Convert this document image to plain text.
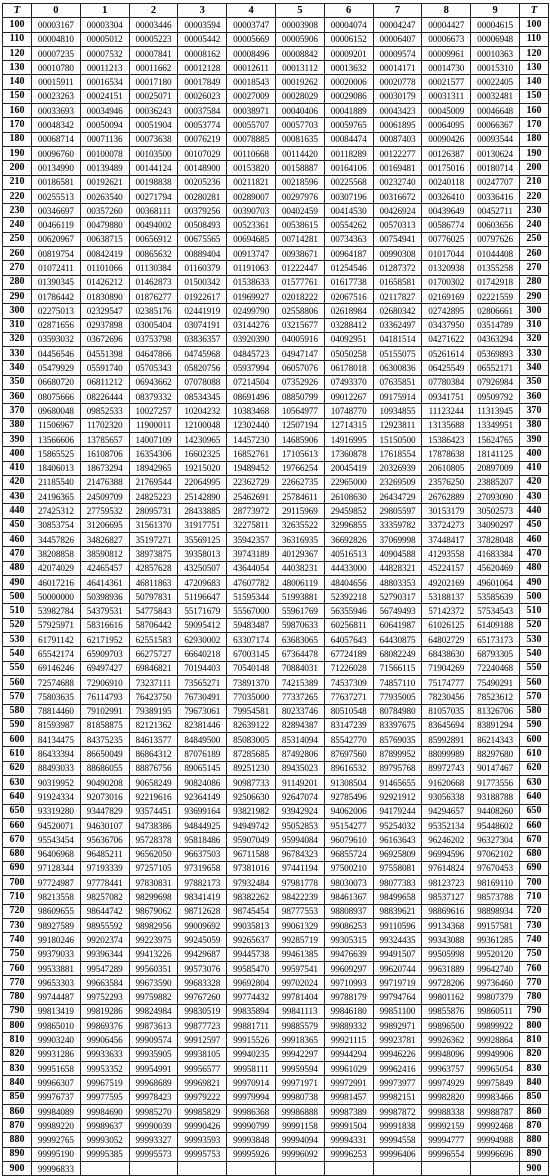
T	0	1	2	3	4	5	6	7	8	9	T
100	00003167	00003304	00003446	00003594	00003747	00003908	00004074	00004247	00004427	00004615	100
110	00004810	00005012	00005223	00005442	00005669	00005906	00006152	00006407	00006673	00006948	110
120	00007235	00007532	00007841	00008162	00008496	00008842	00009201	00009574	00009961	00010363	120
130	00010780	00011213	00011662	00012128	00012611	00013112	00013632	00014171	00014730	00015310	130
140	00015911	00016534	00017180	00017849	00018543	00019262	00020006	00020778	00021577	00022405	140
150	00023263	00024151	00025071	00026023	00027009	00028029	00029086	00030179	00031311	00032481	150
160	00033693	00034946	00036243	00037584	00038971	00040406	00041889	00043423	00045009	00046648	160
170	00048342	00050094	00051904	00053774	00055707	00057703	00059765	00061895	00064095	00066367	170
180	00068714	00071136	00073638	00076219	00078885	00081635	00084474	00087403	00090426	00093544	180
190	00096760	00100078	00103500	00107029	00110668	00114420	00118289	00122277	00126387	00130624	190
200	00134990	00139489	00144124	00148900	00153820	00158887	00164106	00169481	00175016	00180714	200
210	00186581	00192621	00198838	00205236	00211821	00218596	00225568	00232740	00240118	00247707	210
220	00255513	00263540	00271794	00280281	00289007	00297976	00307196	00316672	00326410	00336416	220
230	00346697	00357260	00368111	00379256	00390703	00402459	00414530	00426924	00439649	00452711	230
240	00466119	00479880	00494002	00508493	00523361	00538615	00554262	00570313	00586774	00603656	240
250	00620967	00638715	00656912	00675565	00694685	00714281	00734363	00754941	00776025	00797626	250
260	00819754	00842419	00865632	00889404	00913747	00938671	00964187	00990308	01017044	01044408	260
270	01072411	01101066	01130384	01160379	01191063	01222447	01254546	01287372	01320938	01355258	270
280	01390345	01426212	01462873	01500342	01538633	01577761	01617738	01658581	01700302	01742918	280
290	01786442	01830890	01876277	01922617	01969927	02018222	02067516	02117827	02169169	02221559	290
300	02275013	02329547	02385176	02441919	02499790	02558806	02618984	02680342	02742895	02806661	300
310	02871656	02937898	03005404	03074191	03144276	03215677	03288412	03362497	03437950	03514789	310
320	03593032	03672696	03753798	03836357	03920390	04005916	04092951	04181514	04271622	04363294	320
330	04456546	04551398	04647866	04745968	04845723	04947147	05050258	05155075	05261614	05369893	330
340	05479929	05591740	05705343	05820756	05937994	06057076	06178018	06300836	06425549	06552171	340
350	06680720	06811212	06943662	07078088	07214504	07352926	07493370	07635851	07780384	07926984	350
360	08075666	08226444	08379332	08534345	08691496	08850799	09012267	09175914	09341751	09509792	360
370	09680048	09852533	10027257	10204232	10383468	10564977	10748770	10934855	11123244	11313945	370
380	11506967	11702320	11900011	12100048	12302440	12507194	12714315	12923811	13135688	13349951	380
390	13566606	13785657	14007109	14230965	14457230	14685906	14916995	15150500	15386423	15624765	390
400	15865525	16108706	16354306	16602325	16852761	17105613	17360878	17618554	17878638	18141125	400
410	18406013	18673294	18942965	19215020	19489452	19766254	20045419	20326939	20610805	20897009	410
420	21185540	21476388	21769544	22064995	22362729	22662735	22965000	23269509	23576250	23885207	420
430	24196365	24509709	24825223	25142890	25462691	25784611	26108630	26434729	26762889	27093090	430
440	27425312	27759532	28095731	28433885	28773972	29115969	29459852	29805597	30153179	30502573	440
450	30853754	31206695	31561370	31917751	32275811	32635522	32996855	33359782	33724273	34090297	450
460	34457826	34826827	35197271	35569125	35942357	36316935	36692826	37069998	37448417	37828048	460
470	38208858	38590812	38973875	39358013	39743189	40129367	40516513	40904588	41293558	41683384	470
480	42074029	42465457	42857628	43250507	43644054	44038231	44433000	44828321	45224157	45620469	480
490	46017216	46414361	46811863	47209683	47607782	48006119	48404656	48803353	49202169	49601064	490
500	50000000	50398936	50797831	51196647	51595344	51993881	52392218	52790317	53188137	53585639	500
510	53982784	54379531	54775843	55171679	55567000	55961769	56355946	56749493	57142372	57534543	510
520	57925971	58316616	58706442	59095412	59483487	59870633	60256811	60641987	61026125	61409188	520
530	61791142	62171952	62551583	62930002	63307174	63683065	64057643	64430875	64802729	65173173	530
540	65542174	65909703	66275727	66640218	67003145	67364478	67724189	68082249	68438630	68793305	540
550	69146246	69497427	69846821	70194403	70540148	70884031	71226028	71566115	71904269	72240468	550
560	72574688	72906910	73237111	73565271	73891370	74215389	74537309	74857110	75174777	75490291	560
570	75803635	76114793	76423750	76730491	77035000	77337265	77637271	77935005	78230456	78523612	570
580	78814460	79102991	79389195	79673061	79954581	80233746	80510548	80784980	81057035	81326706	580
590	81593987	81858875	82121362	82381446	82639122	82894387	83147239	83397675	83645694	83891294	590
600	84134475	84375235	84613577	84849500	85083005	85314094	85542770	85769035	85992891	86214343	600
610	86433394	86650049	86864312	87076189	87285685	87492806	87697560	87899952	88099989	88297680	610
620	88493033	88686055	88876756	89065145	89251230	89435023	89616532	89795768	89972743	90147467	620
630	90319952	90490208	90658249	90824086	90987733	91149201	91308504	91465655	91620668	91773556	630
640	91924334	92073016	92219616	92364149	92506630	92647074	92785496	92921912	93056338	93188788	640
650	93319280	93447829	93574451	93699164	93821982	93942924	94062006	94179244	94294657	94408260	650
660	94520071	94630107	94738386	94844925	94949742	95052853	95154277	95254032	95352134	95448602	660
670	95543454	95636706	95728378	95818486	95907049	95994084	96079610	96163643	96246202	96327304	670
680	96406968	96485211	96562050	96637503	96711588	96784323	96855724	96925809	96994596	97062102	680
690	97128344	97193339	97257105	97319658	97381016	97441194	97500210	97558081	97614824	97670453	690
700	97724987	97778441	97830831	97882173	97932484	97981778	98030073	98077383	98123723	98169110	700
710	98213558	98257082	98299698	98341419	98382262	98422239	98461367	98499658	98537127	98573788	710
720	98609655	98644742	98679062	98712628	98745454	98777553	98808937	98839621	98869616	98898934	720
730	98927589	98955592	98982956	99009692	99035813	99061329	99086253	99110596	99134368	99157581	730
740	99180246	99202374	99223975	99245059	99265637	99285719	99305315	99324435	99343088	99361285	740
750	99379033	99396344	99413226	99429687	99445738	99461385	99476639	99491507	99505998	99520120	750
760	99533881	99547289	99560351	99573076	99585470	99597541	99609297	99620744	99631889	99642740	760
770	99653303	99663584	99673590	99683328	99692804	99702024	99710993	99719719	99728206	99736460	770
780	99744487	99752293	99759882	99767260	99774432	99781404	99788179	99794764	99801162	99807379	780
790	99813419	99819286	99824984	99830519	99835894	99841113	99846180	99851100	99855876	99860511	790
800	99865010	99869376	99873613	99877723	99881711	99885579	99889332	99892971	99896500	99899922	800
810	99903240	99906456	99909574	99912597	99915526	99918365	99921115	99923781	99926362	99928864	810
820	99931286	99933633	99935905	99938105	99940235	99942297	99944294	99946226	99948096	99949906	820
830	99951658	99953352	99954991	99956577	99958111	99959594	99961029	99962416	99963757	99965054	830
840	99966307	99967519	99968689	99969821	99970914	99971971	99972991	99973977	99974929	99975849	840
850	99976737	99977595	99978423	99979222	99979994	99980738	99981457	99982151	99982820	99983466	850
860	99984089	99984690	99985270	99985829	99986368	99986888	99987389	99987872	99988338	99988787	860
870	99989220	99989637	99990039	99990426	99990799	99991158	99991504	99991838	99992159	99992468	870
880	99992765	99993052	99993327	99993593	99993848	99994094	99994331	99994558	99994777	99994988	880
890	99995190	99995385	99995573	99995753	99995926	99996092	99996253	99996406	99996554	99996696	890
900	99996833										900
